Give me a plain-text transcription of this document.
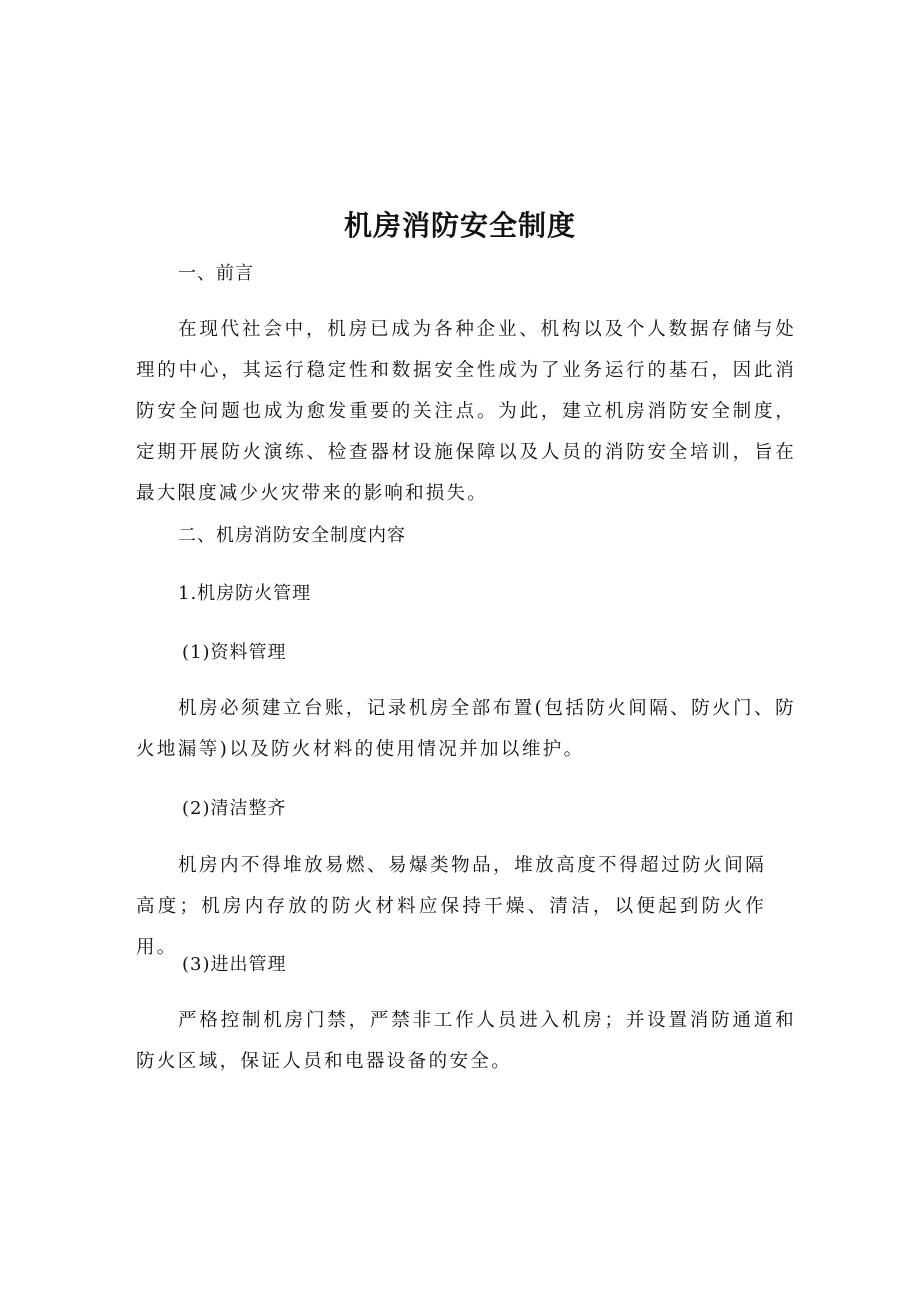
机房消防安全制度

一、前言

在现代社会中，机房已成为各种企业、机构以及个人数据存储与处理的中心，其运行稳定性和数据安全性成为了业务运行的基石，因此消防安全问题也成为愈发重要的关注点。为此，建立机房消防安全制度，定期开展防火演练、检查器材设施保障以及人员的消防安全培训，旨在最大限度减少火灾带来的影响和损失。

二、机房消防安全制度内容

1.机房防火管理

(1)资料管理

机房必须建立台账，记录机房全部布置(包括防火间隔、防火门、防火地漏等)以及防火材料的使用情况并加以维护。

(2)清洁整齐

机房内不得堆放易燃、易爆类物品，堆放高度不得超过防火间隔高度；机房内存放的防火材料应保持干燥、清洁，以便起到防火作用。

(3)进出管理

严格控制机房门禁，严禁非工作人员进入机房；并设置消防通道和防火区域，保证人员和电器设备的安全。
